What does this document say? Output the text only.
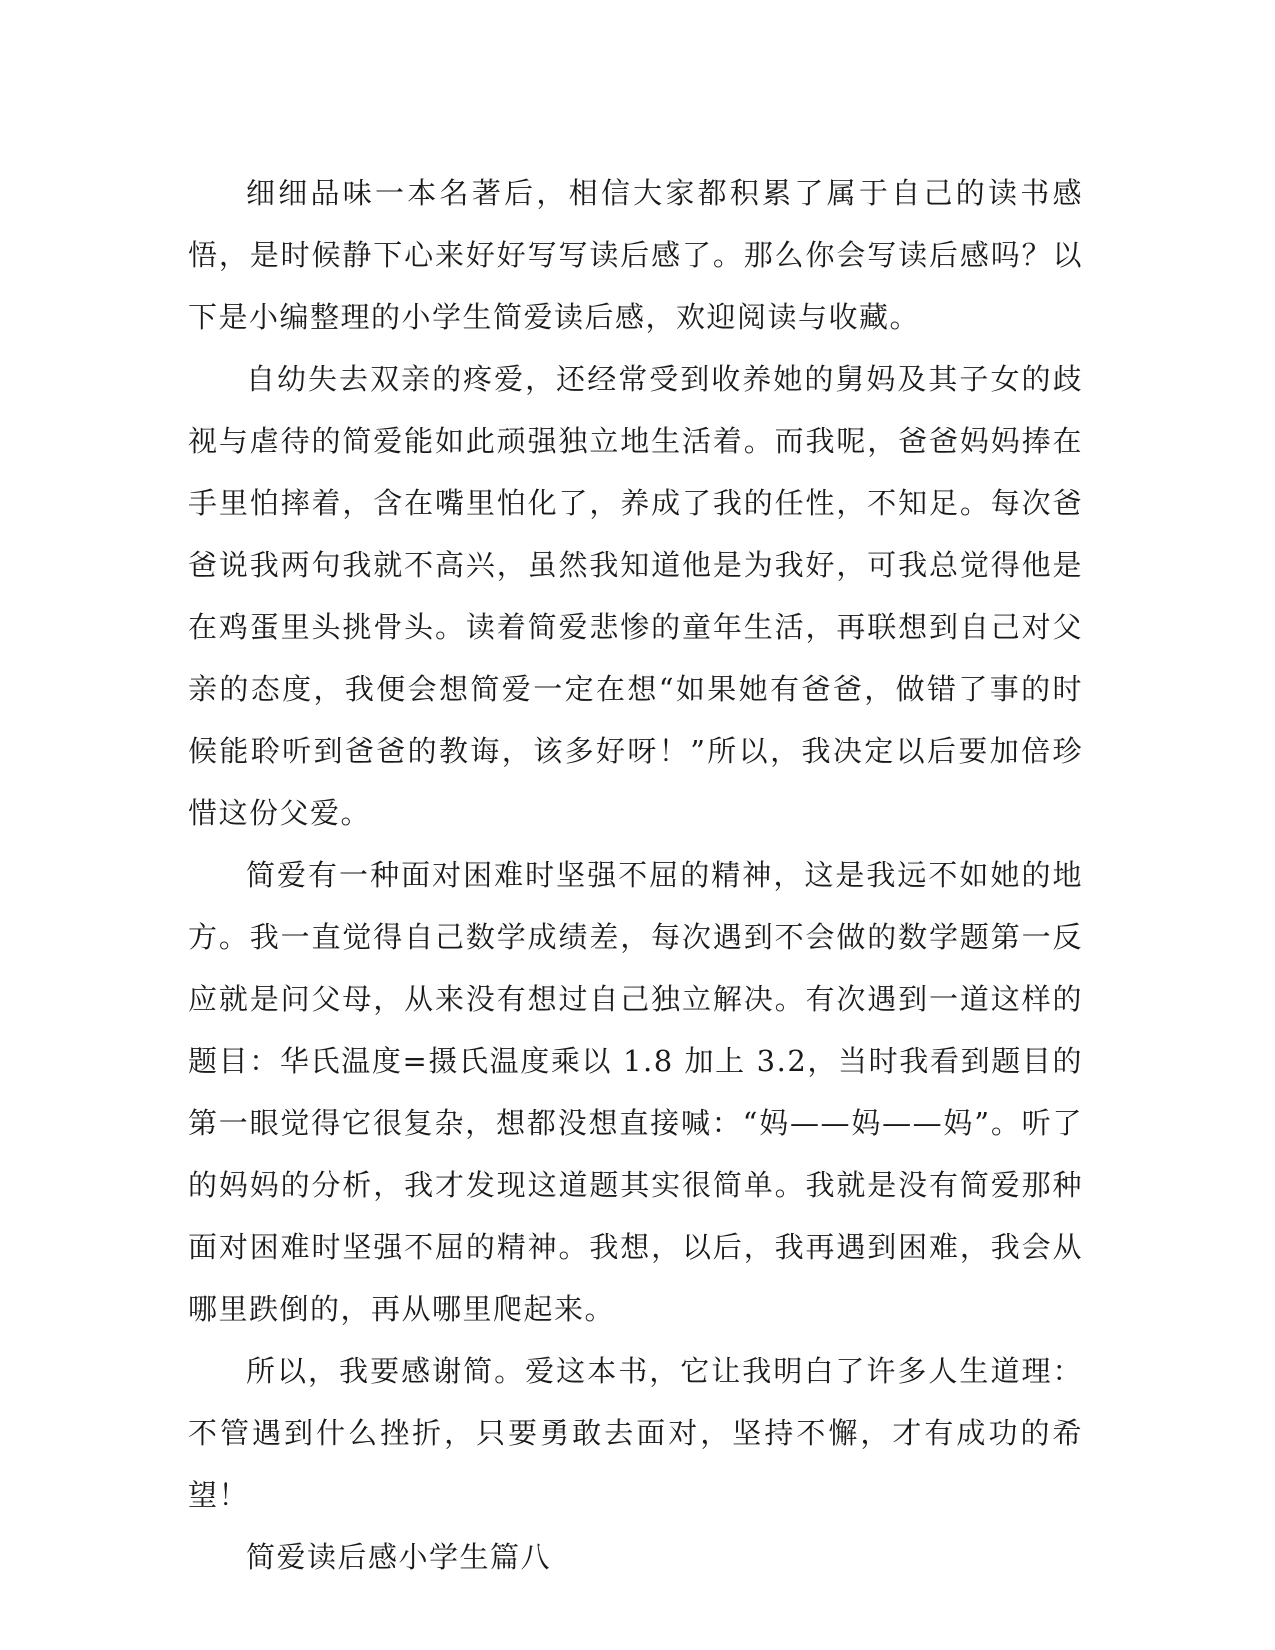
细细品味一本名著后，相信大家都积累了属于自己的读书感悟，是时候静下心来好好写写读后感了。那么你会写读后感吗？以下是小编整理的小学生简爱读后感，欢迎阅读与收藏。

自幼失去双亲的疼爱，还经常受到收养她的舅妈及其子女的歧视与虐待的简爱能如此顽强独立地生活着。而我呢，爸爸妈妈捧在手里怕摔着，含在嘴里怕化了，养成了我的任性，不知足。每次爸爸说我两句我就不高兴，虽然我知道他是为我好，可我总觉得他是在鸡蛋里头挑骨头。读着简爱悲惨的童年生活，再联想到自己对父亲的态度，我便会想简爱一定在想“如果她有爸爸，做错了事的时候能聆听到爸爸的教诲，该多好呀！”所以，我决定以后要加倍珍惜这份父爱。

简爱有一种面对困难时坚强不屈的精神，这是我远不如她的地方。我一直觉得自己数学成绩差，每次遇到不会做的数学题第一反应就是问父母，从来没有想过自己独立解决。有次遇到一道这样的题目：华氏温度=摄氏温度乘以 1.8 加上 3.2，当时我看到题目的第一眼觉得它很复杂，想都没想直接喊：“妈——妈——妈”。听了的妈妈的分析，我才发现这道题其实很简单。我就是没有简爱那种面对困难时坚强不屈的精神。我想，以后，我再遇到困难，我会从哪里跌倒的，再从哪里爬起来。

所以，我要感谢简。爱这本书，它让我明白了许多人生道理：不管遇到什么挫折，只要勇敢去面对，坚持不懈，才有成功的希望！

简爱读后感小学生篇八
